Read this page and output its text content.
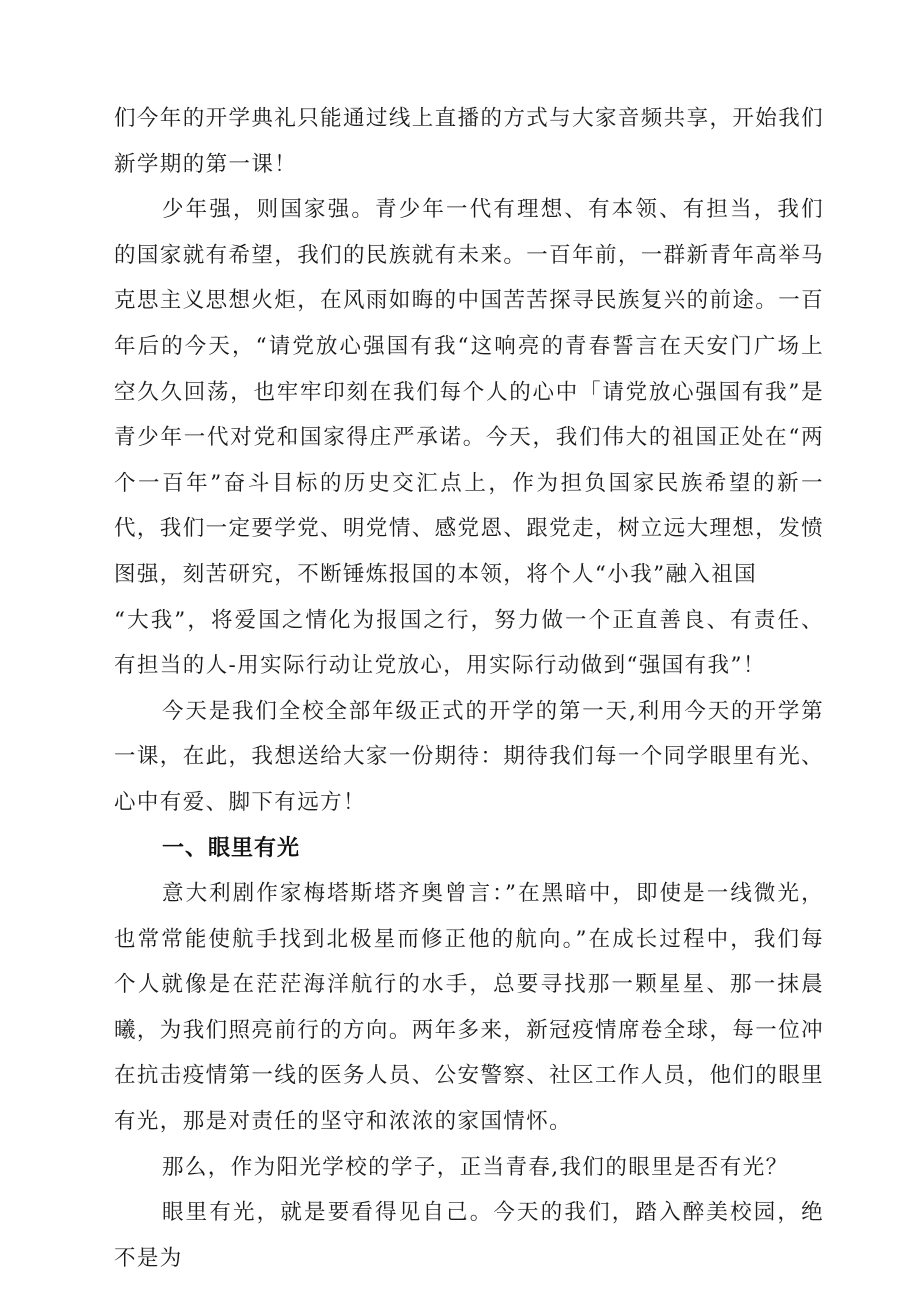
们今年的开学典礼只能通过线上直播的方式与大家音频共享，开始我们新学期的第一课！

少年强，则国家强。青少年一代有理想、有本领、有担当，我们的国家就有希望，我们的民族就有未来。一百年前，一群新青年高举马克思主义思想火炬，在风雨如晦的中国苦苦探寻民族复兴的前途。一百年后的今天，“请党放心强国有我“这响亮的青春誓言在天安门广场上空久久回荡，也牢牢印刻在我们每个人的心中「请党放心强国有我”是青少年一代对党和国家得庄严承诺。今天，我们伟大的祖国正处在“两个一百年”奋斗目标的历史交汇点上，作为担负国家民族希望的新一代，我们一定要学党、明党情、感党恩、跟党走，树立远大理想，发愤图强，刻苦研究，不断锤炼报国的本领，将个人“小我”融入祖国

“大我”，将爱国之情化为报国之行，努力做一个正直善良、有责任、有担当的人-用实际行动让党放心，用实际行动做到“强国有我”！

今天是我们全校全部年级正式的开学的第一天,利用今天的开学第一课，在此，我想送给大家一份期待：期待我们每一个同学眼里有光、心中有爱、脚下有远方！

一、眼里有光

意大利剧作家梅塔斯塔齐奥曾言：”在黑暗中，即使是一线微光，也常常能使航手找到北极星而修正他的航向。”在成长过程中，我们每个人就像是在茫茫海洋航行的水手，总要寻找那一颗星星、那一抹晨曦，为我们照亮前行的方向。两年多来，新冠疫情席卷全球，每一位冲在抗击疫情第一线的医务人员、公安警察、社区工作人员，他们的眼里有光，那是对责任的坚守和浓浓的家国情怀。

那么，作为阳光学校的学子，正当青春,我们的眼里是否有光？

眼里有光，就是要看得见自己。今天的我们，踏入醉美校园，绝不是为
